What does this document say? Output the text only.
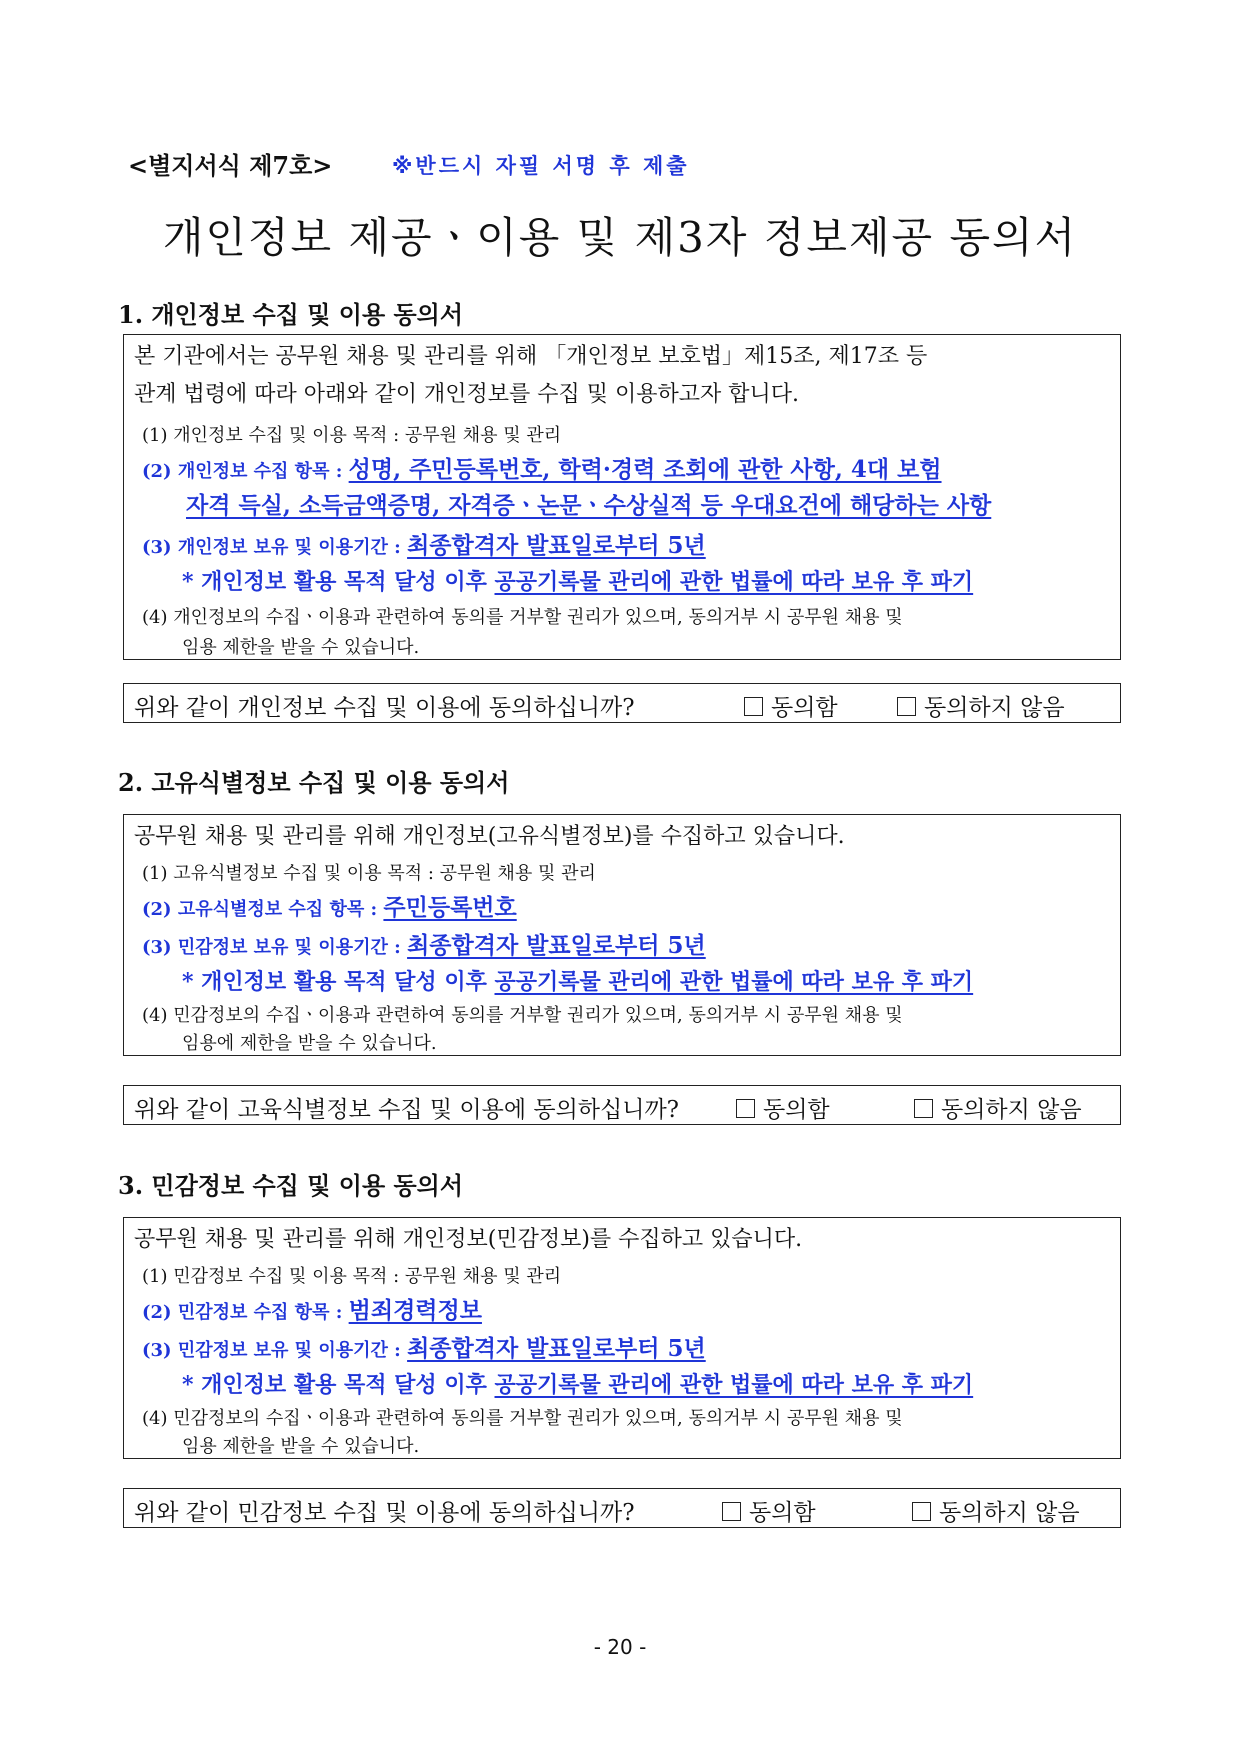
<별지서식 제7호>	※반드시 자필 서명 후 제출
개인정보 제공ㆍ이용 및 제3자 정보제공 동의서
1. 개인정보 수집 및 이용 동의서
본 기관에서는 공무원 채용 및 관리를 위해 「개인정보 보호법」제15조, 제17조 등
관계 법령에 따라 아래와 같이 개인정보를 수집 및 이용하고자 합니다.
(1) 개인정보 수집 및 이용 목적 : 공무원 채용 및 관리
(2) 개인정보 수집 항목 : 성명, 주민등록번호, 학력·경력 조회에 관한 사항, 4대 보험
자격 득실, 소득금액증명, 자격증ㆍ논문ㆍ수상실적 등 우대요건에 해당하는 사항
(3) 개인정보 보유 및 이용기간 : 최종합격자 발표일로부터 5년
* 개인정보 활용 목적 달성 이후 공공기록물 관리에 관한 법률에 따라 보유 후 파기
(4) 개인정보의 수집ㆍ이용과 관련하여 동의를 거부할 권리가 있으며, 동의거부 시 공무원 채용 및
임용 제한을 받을 수 있습니다.
위와 같이 개인정보 수집 및 이용에 동의하십니까?	동의함	동의하지 않음
2. 고유식별정보 수집 및 이용 동의서
공무원 채용 및 관리를 위해 개인정보(고유식별정보)를 수집하고 있습니다.
(1) 고유식별정보 수집 및 이용 목적 : 공무원 채용 및 관리
(2) 고유식별정보 수집 항목 : 주민등록번호
(3) 민감정보 보유 및 이용기간 : 최종합격자 발표일로부터 5년
* 개인정보 활용 목적 달성 이후 공공기록물 관리에 관한 법률에 따라 보유 후 파기
(4) 민감정보의 수집ㆍ이용과 관련하여 동의를 거부할 권리가 있으며, 동의거부 시 공무원 채용 및
임용에 제한을 받을 수 있습니다.
위와 같이 고육식별정보 수집 및 이용에 동의하십니까?	동의함	동의하지 않음
3. 민감정보 수집 및 이용 동의서
공무원 채용 및 관리를 위해 개인정보(민감정보)를 수집하고 있습니다.
(1) 민감정보 수집 및 이용 목적 : 공무원 채용 및 관리
(2) 민감정보 수집 항목 : 범죄경력정보
(3) 민감정보 보유 및 이용기간 : 최종합격자 발표일로부터 5년
* 개인정보 활용 목적 달성 이후 공공기록물 관리에 관한 법률에 따라 보유 후 파기
(4) 민감정보의 수집ㆍ이용과 관련하여 동의를 거부할 권리가 있으며, 동의거부 시 공무원 채용 및
임용 제한을 받을 수 있습니다.
위와 같이 민감정보 수집 및 이용에 동의하십니까?	동의함	동의하지 않음
- 20 -
